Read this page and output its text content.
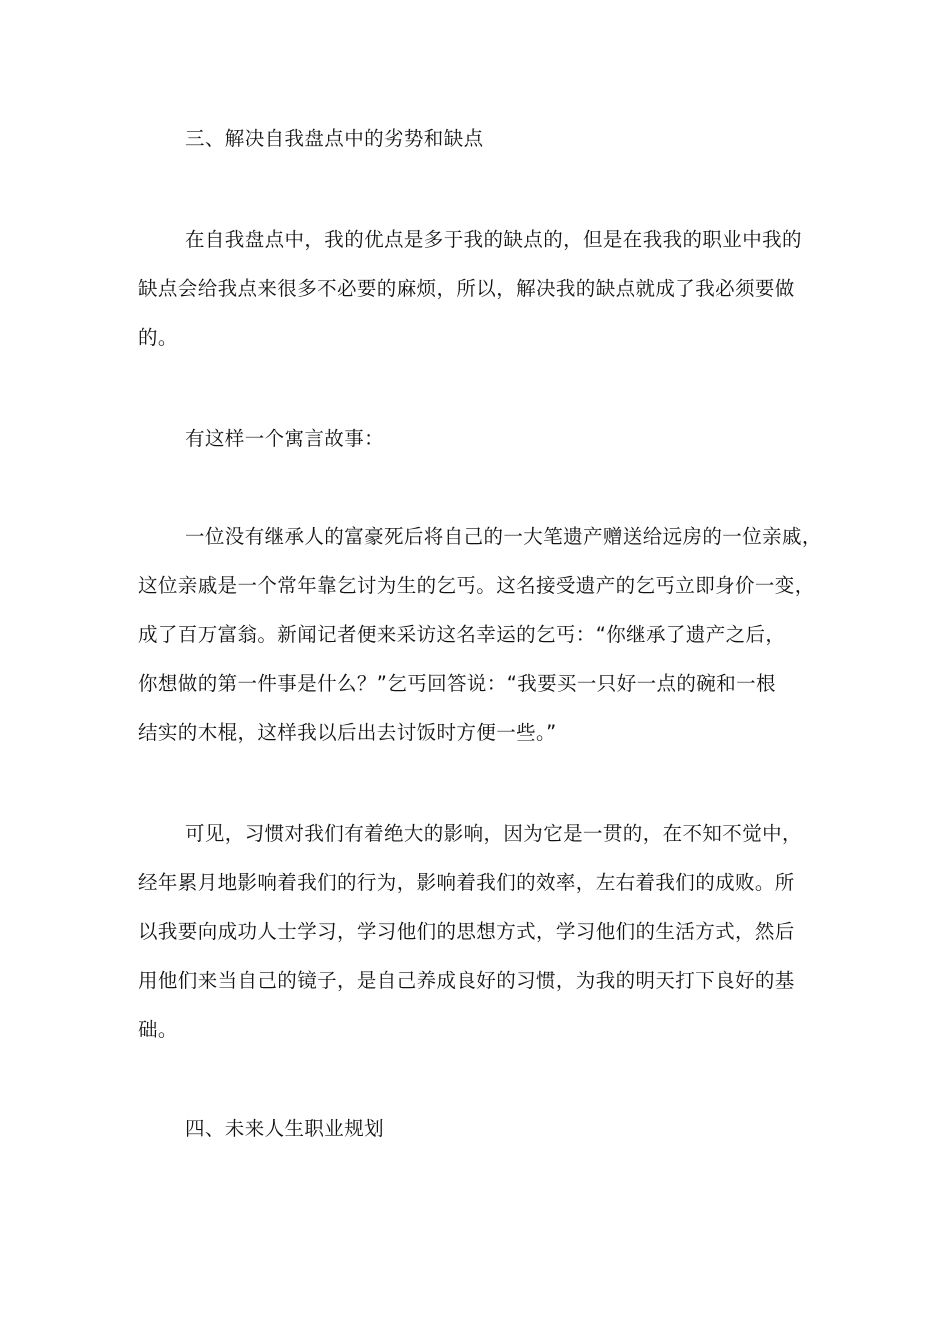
三、解决自我盘点中的劣势和缺点

在自我盘点中，我的优点是多于我的缺点的，但是在我我的职业中我的
缺点会给我点来很多不必要的麻烦，所以，解决我的缺点就成了我必须要做
的。

有这样一个寓言故事：

一位没有继承人的富豪死后将自己的一大笔遗产赠送给远房的一位亲戚，
这位亲戚是一个常年靠乞讨为生的乞丐。这名接受遗产的乞丐立即身价一变，
成了百万富翁。新闻记者便来采访这名幸运的乞丐：“你继承了遗产之后，
你想做的第一件事是什么？”乞丐回答说：“我要买一只好一点的碗和一根
结实的木棍，这样我以后出去讨饭时方便一些。”

可见，习惯对我们有着绝大的影响，因为它是一贯的，在不知不觉中，
经年累月地影响着我们的行为，影响着我们的效率，左右着我们的成败。所
以我要向成功人士学习，学习他们的思想方式，学习他们的生活方式，然后
用他们来当自己的镜子，是自己养成良好的习惯，为我的明天打下良好的基
础。

四、未来人生职业规划
